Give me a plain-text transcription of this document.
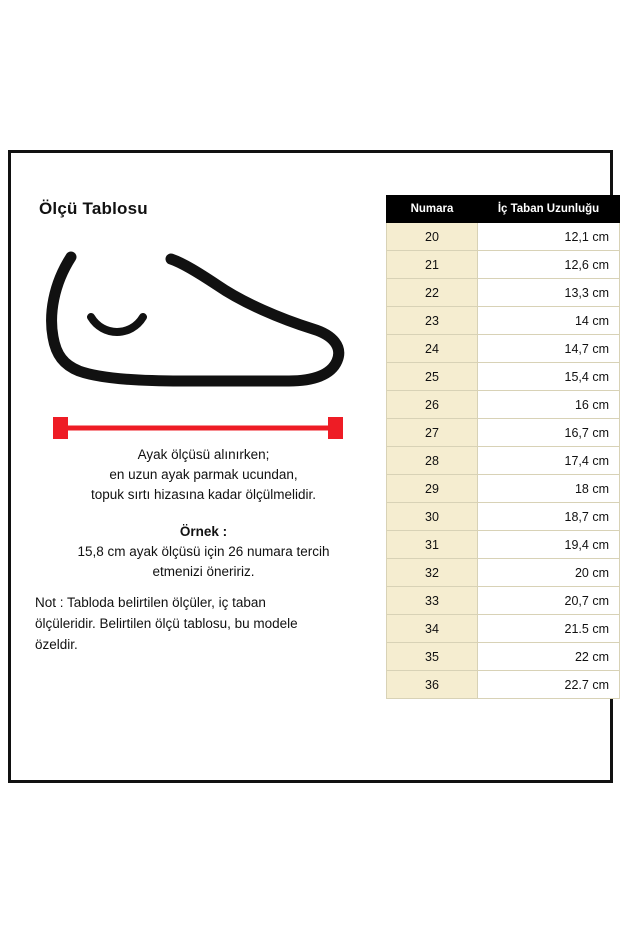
Ölçü Tablosu
Ayak ölçüsü alınırken;
en uzun ayak parmak ucundan,
topuk sırtı hizasına kadar ölçülmelidir.
Örnek :
15,8 cm ayak ölçüsü için 26 numara tercih
etmenizi öneririz.
Not : Tabloda belirtilen ölçüler, iç taban
ölçüleridir. Belirtilen ölçü tablosu, bu modele
özeldir.
Numara	İç Taban Uzunluğu
20	12,1 cm
21	12,6 cm
22	13,3 cm
23	14 cm
24	14,7 cm
25	15,4 cm
26	16 cm
27	16,7 cm
28	17,4 cm
29	18 cm
30	18,7 cm
31	19,4 cm
32	20 cm
33	20,7 cm
34	21.5 cm
35	22 cm
36	22.7 cm
